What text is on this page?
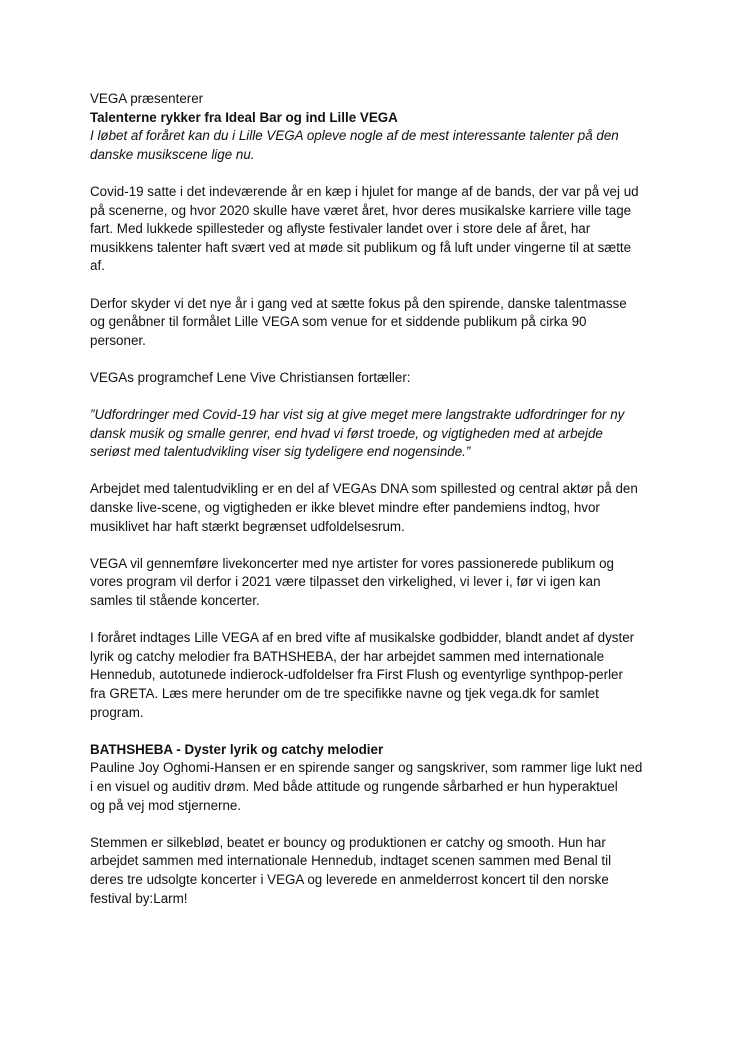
VEGA præsenterer
Talenterne rykker fra Ideal Bar og ind Lille VEGA
I løbet af foråret kan du i Lille VEGA opleve nogle af de mest interessante talenter på den
danske musikscene lige nu.
Covid-19 satte i det indeværende år en kæp i hjulet for mange af de bands, der var på vej ud
på scenerne, og hvor 2020 skulle have været året, hvor deres musikalske karriere ville tage
fart. Med lukkede spillesteder og aflyste festivaler landet over i store dele af året, har
musikkens talenter haft svært ved at møde sit publikum og få luft under vingerne til at sætte
af.
Derfor skyder vi det nye år i gang ved at sætte fokus på den spirende, danske talentmasse
og genåbner til formålet Lille VEGA som venue for et siddende publikum på cirka 90
personer.
VEGAs programchef Lene Vive Christiansen fortæller:
”Udfordringer med Covid-19 har vist sig at give meget mere langstrakte udfordringer for ny
dansk musik og smalle genrer, end hvad vi først troede, og vigtigheden med at arbejde
seriøst med talentudvikling viser sig tydeligere end nogensinde.”
Arbejdet med talentudvikling er en del af VEGAs DNA som spillested og central aktør på den
danske live-scene, og vigtigheden er ikke blevet mindre efter pandemiens indtog, hvor
musiklivet har haft stærkt begrænset udfoldelsesrum.
VEGA vil gennemføre livekoncerter med nye artister for vores passionerede publikum og
vores program vil derfor i 2021 være tilpasset den virkelighed, vi lever i, før vi igen kan
samles til stående koncerter.
I foråret indtages Lille VEGA af en bred vifte af musikalske godbidder, blandt andet af dyster
lyrik og catchy melodier fra BATHSHEBA, der har arbejdet sammen med internationale
Hennedub, autotunede indierock-udfoldelser fra First Flush og eventyrlige synthpop-perler
fra GRETA. Læs mere herunder om de tre specifikke navne og tjek vega.dk for samlet
program.
BATHSHEBA - Dyster lyrik og catchy melodier
Pauline Joy Oghomi-Hansen er en spirende sanger og sangskriver, som rammer lige lukt ned
i en visuel og auditiv drøm. Med både attitude og rungende sårbarhed er hun hyperaktuel
og på vej mod stjernerne.
Stemmen er silkeblød, beatet er bouncy og produktionen er catchy og smooth. Hun har
arbejdet sammen med internationale Hennedub, indtaget scenen sammen med Benal til
deres tre udsolgte koncerter i VEGA og leverede en anmelderrost koncert til den norske
festival by:Larm!
